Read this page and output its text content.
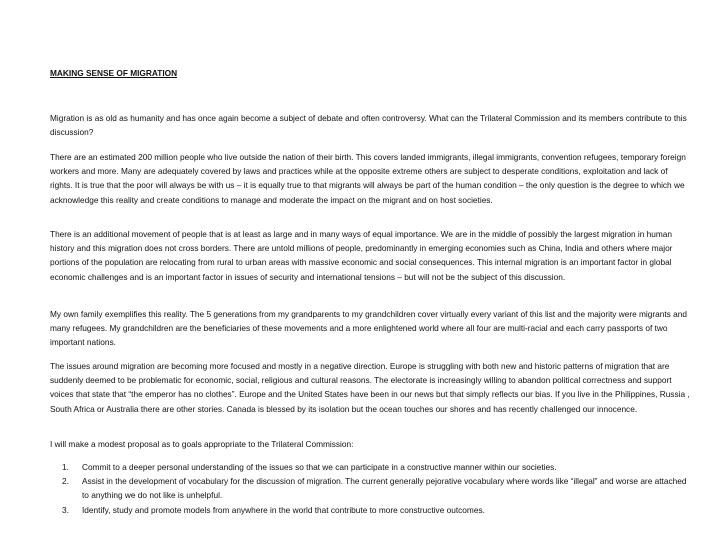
MAKING SENSE OF MIGRATION

Migration is as old as humanity and has once again become a subject of debate and often controversy. What can the Trilateral Commission and its members contribute to this discussion?

There are an estimated 200 million people who live outside the nation of their birth. This covers landed immigrants, illegal immigrants, convention refugees, temporary foreign workers and more. Many are adequately covered by laws and practices while at the opposite extreme others are subject to desperate conditions, exploitation and lack of rights. It is true that the poor will always be with us – it is equally true to that migrants will always be part of the human condition – the only question is the degree to which we acknowledge this reality and create conditions to manage and moderate the impact on the migrant and on host societies.

There is an additional movement of people that is at least as large and in many ways of equal importance. We are in the middle of possibly the largest migration in human history and this migration does not cross borders. There are untold millions of people, predominantly in emerging economies such as China, India and others where major portions of the population are relocating from rural to urban areas with massive economic and social consequences. This internal migration is an important factor in global economic challenges and is an important factor in issues of security and international tensions – but will not be the subject of this discussion.

My own family exemplifies this reality. The 5 generations from my grandparents to my grandchildren cover virtually every variant of this list and the majority were migrants and many refugees. My grandchildren are the beneficiaries of these movements and a more enlightened world where all four are multi-racial and each carry passports of two important nations.

The issues around migration are becoming more focused and mostly in a negative direction. Europe is struggling with both new and historic patterns of migration that are suddenly deemed to be problematic for economic, social, religious and cultural reasons. The electorate is increasingly willing to abandon political correctness and support voices that state that “the emperor has no clothes”. Europe and the United States have been in our news but that simply reflects our bias. If you live in the Philippines, Russia , South Africa or Australia there are other stories. Canada is blessed by its isolation but the ocean touches our shores and has recently challenged our innocence.

I will make a modest proposal as to goals appropriate to the Trilateral Commission:

1. Commit to a deeper personal understanding of the issues so that we can participate in a constructive manner within our societies.
2. Assist in the development of vocabulary for the discussion of migration. The current generally pejorative vocabulary where words like “illegal” and worse are attached to anything we do not like is unhelpful.
3. Identify, study and promote models from anywhere in the world that contribute to more constructive outcomes.
